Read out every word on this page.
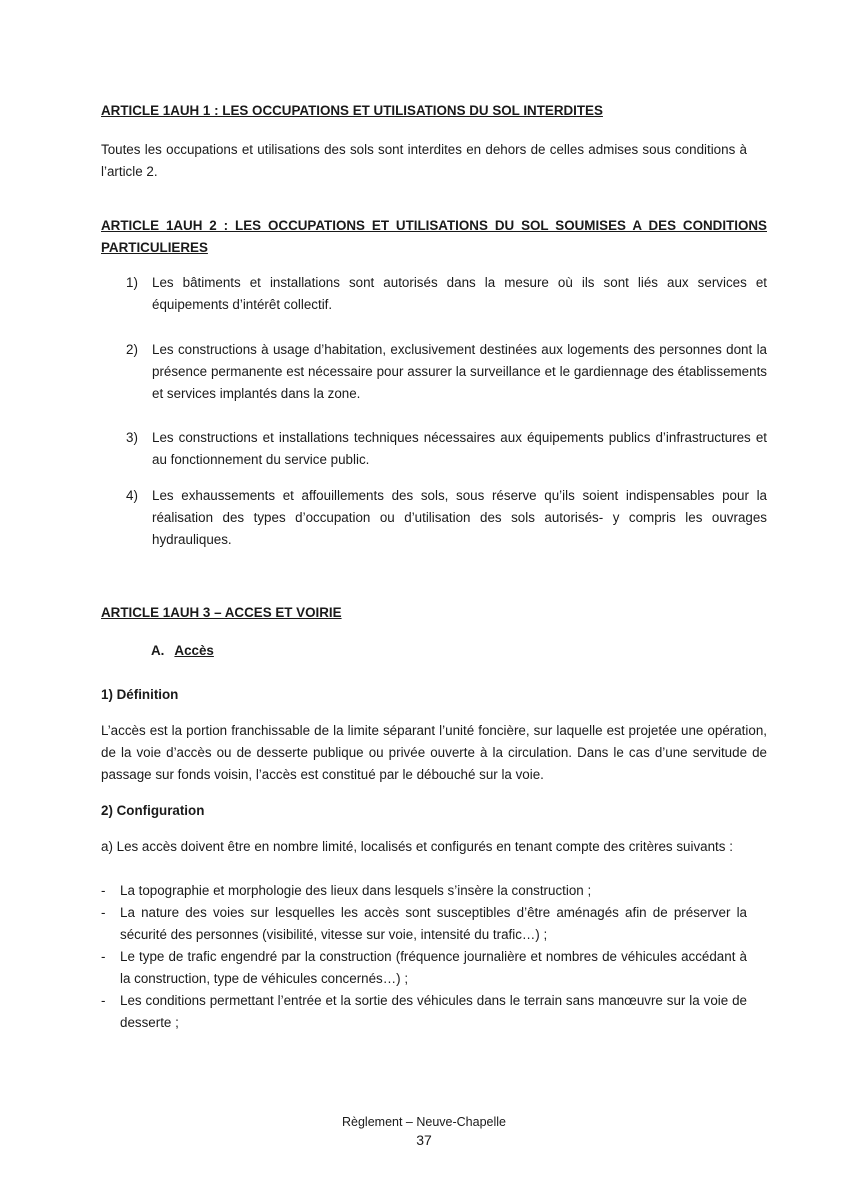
ARTICLE 1AUH 1 : LES OCCUPATIONS ET UTILISATIONS DU SOL INTERDITES
Toutes les occupations et utilisations des sols sont interdites en dehors de celles admises sous conditions à l’article 2.
ARTICLE 1AUH 2 : LES OCCUPATIONS ET UTILISATIONS DU SOL SOUMISES A DES CONDITIONS PARTICULIERES
1) Les bâtiments et installations sont autorisés dans la mesure où ils sont liés aux services et équipements d’intérêt collectif.
2) Les constructions à usage d’habitation, exclusivement destinées aux logements des personnes dont la présence permanente est nécessaire pour assurer la surveillance et le gardiennage des établissements et services implantés dans la zone.
3) Les constructions et installations techniques nécessaires aux équipements publics d’infrastructures et au fonctionnement du service public.
4) Les exhaussements et affouillements des sols, sous réserve qu’ils soient indispensables pour la réalisation des types d’occupation ou d’utilisation des sols autorisés- y compris les ouvrages hydrauliques.
ARTICLE 1AUH 3 – ACCES ET VOIRIE
A. Accès
1) Définition
L’accès est la portion franchissable de la limite séparant l’unité foncière, sur laquelle est projetée une opération, de la voie d’accès ou de desserte publique ou privée ouverte à la circulation. Dans le cas d’une servitude de passage sur fonds voisin, l’accès est constitué par le débouché sur la voie.
2) Configuration
a) Les accès doivent être en nombre limité, localisés et configurés en tenant compte des critères suivants :
- La topographie et morphologie des lieux dans lesquels s’insère la construction ;
- La nature des voies sur lesquelles les accès sont susceptibles d’être aménagés afin de préserver la sécurité des personnes (visibilité, vitesse sur voie, intensité du trafic…) ;
- Le type de trafic engendré par la construction (fréquence journalière et nombres de véhicules accédant à la construction, type de véhicules concernés…) ;
- Les conditions permettant l’entrée et la sortie des véhicules dans le terrain sans manœuvre sur la voie de desserte ;
Règlement – Neuve-Chapelle
37
